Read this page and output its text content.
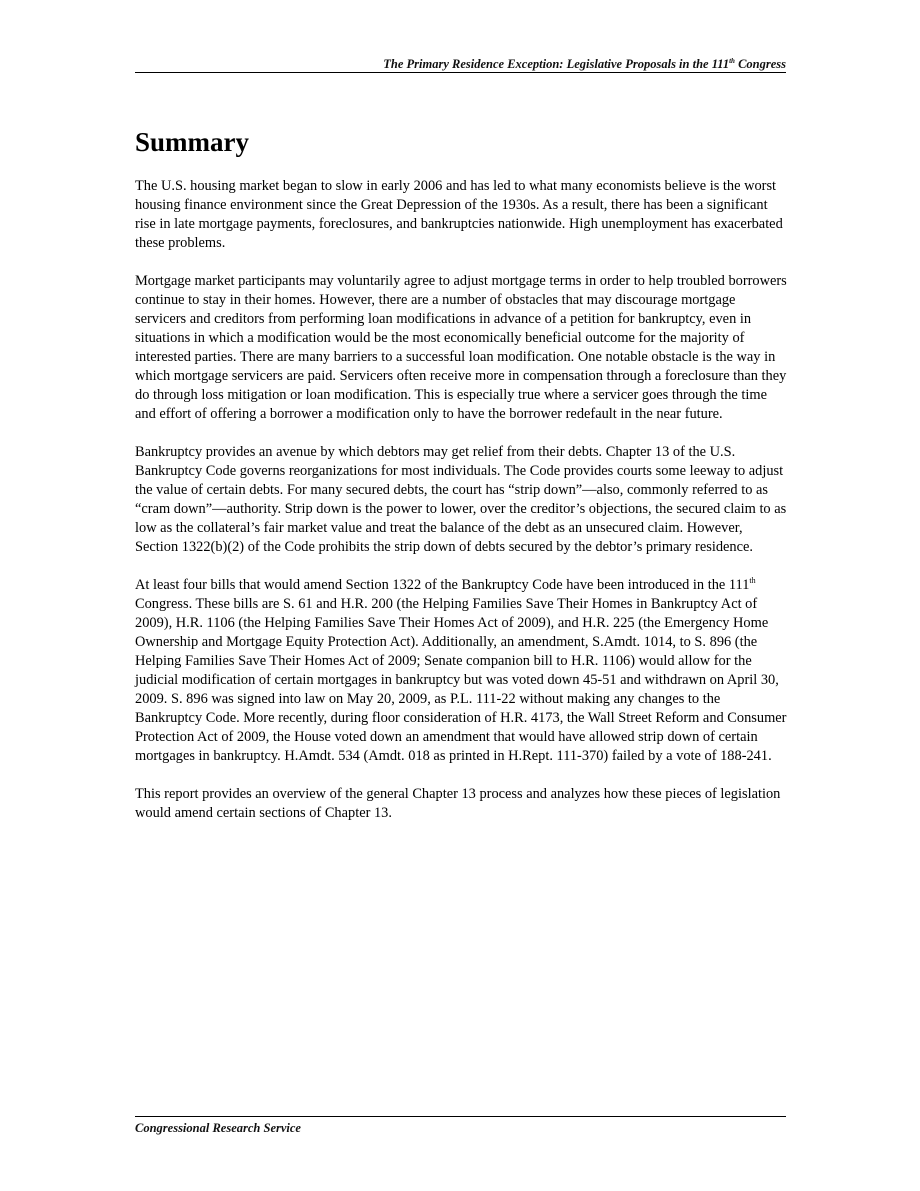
The Primary Residence Exception: Legislative Proposals in the 111th Congress
Summary

The U.S. housing market began to slow in early 2006 and has led to what many economists believe is the worst housing finance environment since the Great Depression of the 1930s. As a result, there has been a significant rise in late mortgage payments, foreclosures, and bankruptcies nationwide. High unemployment has exacerbated these problems.

Mortgage market participants may voluntarily agree to adjust mortgage terms in order to help troubled borrowers continue to stay in their homes. However, there are a number of obstacles that may discourage mortgage servicers and creditors from performing loan modifications in advance of a petition for bankruptcy, even in situations in which a modification would be the most economically beneficial outcome for the majority of interested parties. There are many barriers to a successful loan modification. One notable obstacle is the way in which mortgage servicers are paid. Servicers often receive more in compensation through a foreclosure than they do through loss mitigation or loan modification. This is especially true where a servicer goes through the time and effort of offering a borrower a modification only to have the borrower redefault in the near future.

Bankruptcy provides an avenue by which debtors may get relief from their debts. Chapter 13 of the U.S. Bankruptcy Code governs reorganizations for most individuals. The Code provides courts some leeway to adjust the value of certain debts. For many secured debts, the court has “strip down”—also, commonly referred to as “cram down”—authority. Strip down is the power to lower, over the creditor’s objections, the secured claim to as low as the collateral’s fair market value and treat the balance of the debt as an unsecured claim. However, Section 1322(b)(2) of the Code prohibits the strip down of debts secured by the debtor’s primary residence.

At least four bills that would amend Section 1322 of the Bankruptcy Code have been introduced in the 111th Congress. These bills are S. 61 and H.R. 200 (the Helping Families Save Their Homes in Bankruptcy Act of 2009), H.R. 1106 (the Helping Families Save Their Homes Act of 2009), and H.R. 225 (the Emergency Home Ownership and Mortgage Equity Protection Act). Additionally, an amendment, S.Amdt. 1014, to S. 896 (the Helping Families Save Their Homes Act of 2009; Senate companion bill to H.R. 1106) would allow for the judicial modification of certain mortgages in bankruptcy but was voted down 45-51 and withdrawn on April 30, 2009. S. 896 was signed into law on May 20, 2009, as P.L. 111-22 without making any changes to the Bankruptcy Code. More recently, during floor consideration of H.R. 4173, the Wall Street Reform and Consumer Protection Act of 2009, the House voted down an amendment that would have allowed strip down of certain mortgages in bankruptcy. H.Amdt. 534 (Amdt. 018 as printed in H.Rept. 111-370) failed by a vote of 188-241.

This report provides an overview of the general Chapter 13 process and analyzes how these pieces of legislation would amend certain sections of Chapter 13.

Congressional Research Service
